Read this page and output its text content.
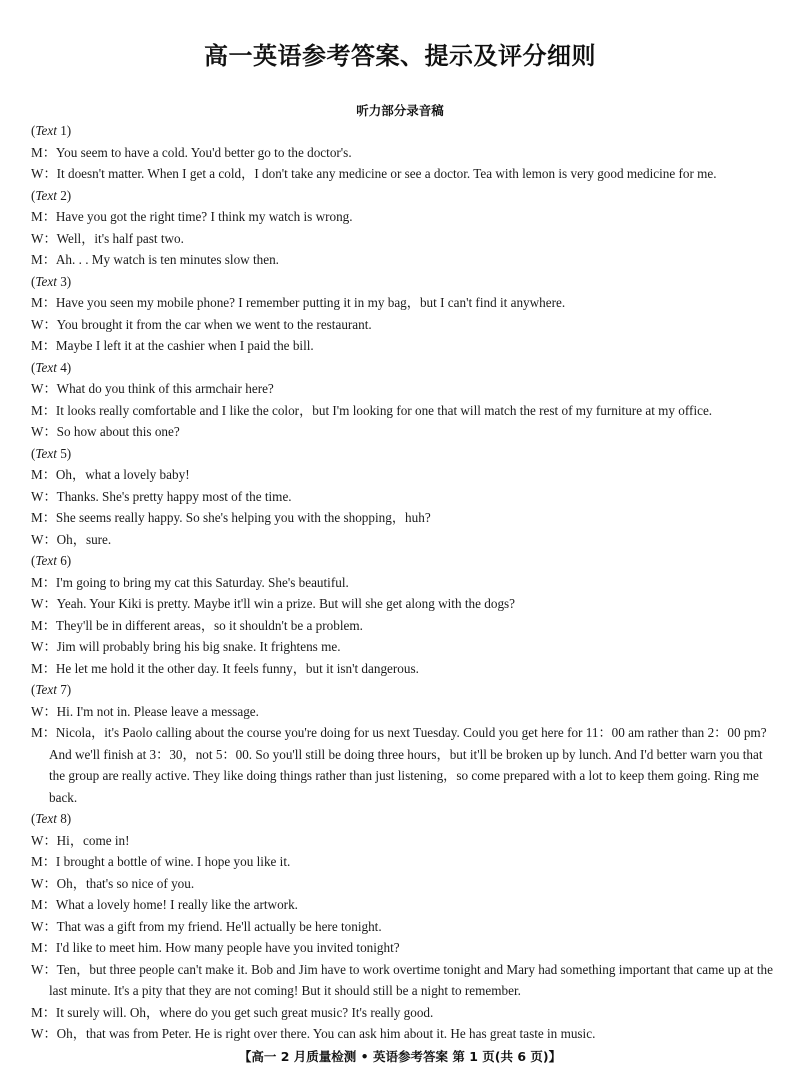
高一英语参考答案、提示及评分细则
听力部分录音稿
(Text 1)
M：You seem to have a cold. You'd better go to the doctor's.
W：It doesn't matter. When I get a cold，I don't take any medicine or see a doctor. Tea with lemon is very good medicine for me.
(Text 2)
M：Have you got the right time? I think my watch is wrong.
W：Well，it's half past two.
M：Ah. . . My watch is ten minutes slow then.
(Text 3)
M：Have you seen my mobile phone? I remember putting it in my bag，but I can't find it anywhere.
W：You brought it from the car when we went to the restaurant.
M：Maybe I left it at the cashier when I paid the bill.
(Text 4)
W：What do you think of this armchair here?
M：It looks really comfortable and I like the color，but I'm looking for one that will match the rest of my furniture at my office.
W：So how about this one?
(Text 5)
M：Oh，what a lovely baby!
W：Thanks. She's pretty happy most of the time.
M：She seems really happy. So she's helping you with the shopping，huh?
W：Oh，sure.
(Text 6)
M：I'm going to bring my cat this Saturday. She's beautiful.
W：Yeah. Your Kiki is pretty. Maybe it'll win a prize. But will she get along with the dogs?
M：They'll be in different areas，so it shouldn't be a problem.
W：Jim will probably bring his big snake. It frightens me.
M：He let me hold it the other day. It feels funny，but it isn't dangerous.
(Text 7)
W：Hi. I'm not in. Please leave a message.
M：Nicola，it's Paolo calling about the course you're doing for us next Tuesday. Could you get here for 11：00 am rather than 2：00 pm? And we'll finish at 3：30，not 5：00. So you'll still be doing three hours，but it'll be broken up by lunch. And I'd better warn you that the group are really active. They like doing things rather than just listening，so come prepared with a lot to keep them going. Ring me back.
(Text 8)
W：Hi，come in!
M：I brought a bottle of wine. I hope you like it.
W：Oh，that's so nice of you.
M：What a lovely home! I really like the artwork.
W：That was a gift from my friend. He'll actually be here tonight.
M：I'd like to meet him. How many people have you invited tonight?
W：Ten，but three people can't make it. Bob and Jim have to work overtime tonight and Mary had something important that came up at the last minute. It's a pity that they are not coming! But it should still be a night to remember.
M：It surely will. Oh，where do you get such great music? It's really good.
W：Oh，that was from Peter. He is right over there. You can ask him about it. He has great taste in music.
【高一 2 月质量检测 • 英语参考答案 第 1 页(共 6 页)】
